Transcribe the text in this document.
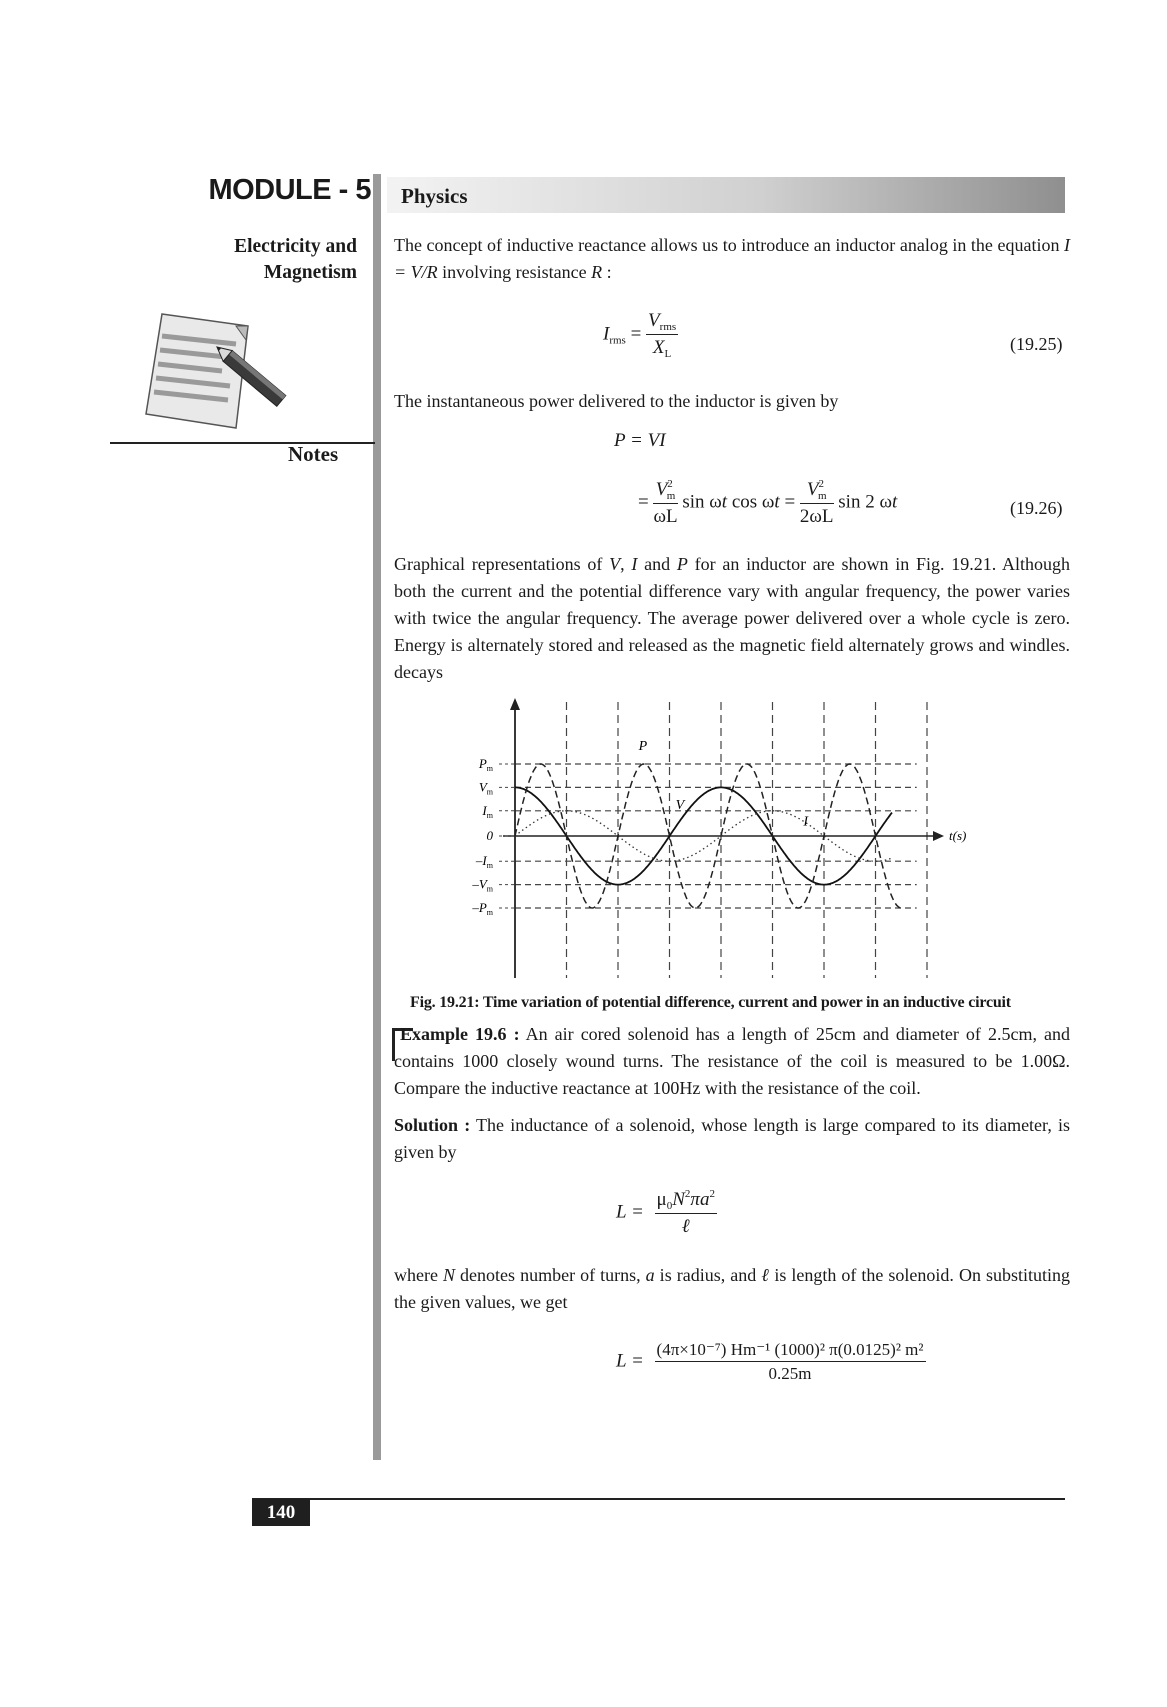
MODULE - 5 Physics
Electricity and
Magnetism
Notes

The concept of inductive reactance allows us to introduce an inductor analog in the equation I = V/R involving resistance R :

$I_{rms} = \frac{V_{rms}}{X_L}$	(19.25)

The instantaneous power delivered to the inductor is given by

P = VI
= $\frac{V^2_m}{\omega L}$ sin ωt $\cos \omega t = \frac{V^2_m}{2\omega L}$ sin 2 ωt	(19.26)

Graphical representations of V, I and P for an inductor are shown in Fig. 19.21. Although both the current and the potential difference vary with angular frequency, the power varies with twice the angular frequency. The average power delivered over a whole cycle is zero. Energy is alternately stored and released as the magnetic field alternately grows and windles. decays

t(s)
$P_m$
$V_m$
$I_m$
0
$-I_m$
$-V_m$
$-P_m$
P
V
I
Fig. 19.21: Time variation of potential difference, current and power in an inductive circuit

Example 19.6 : An air cored solenoid has a length of 25cm and diameter of 2.5cm, and contains 1000 closely wound turns. The resistance of the coil is measured to be 1.00Ω. Compare the inductive reactance at 100Hz with the resistance of the coil.

Solution : The inductance of a solenoid, whose length is large compared to its diameter, is given by

$L = \frac{\mu_0N^2\pi a^2}{\text{ℓ}}$

where N denotes number of turns, a is radius, and ℓ is length of the solenoid. On substituting the given values, we get

$L = \frac{\text{(4π×10⁻⁷) Hm⁻¹ (1000)² π(0.0125)² m²}}{0.25m}$
140
